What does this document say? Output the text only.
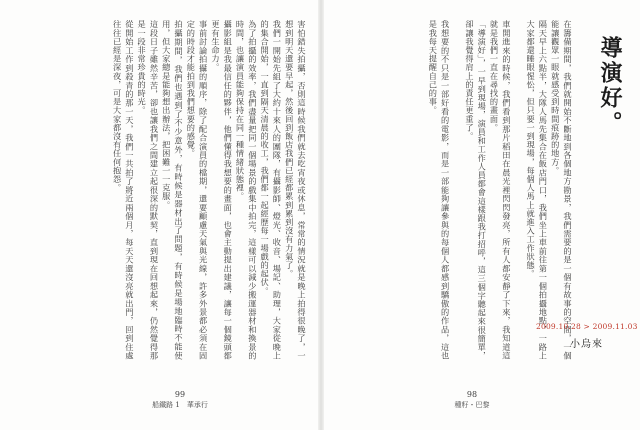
害怕錯失拍攝，否則這時候我們就去吃宵夜或休息，常常的情況就是晚上拍得很晚了，一想到明天還要早起，然後回到飯店我們已經都累到累到沒有力氣了。

我們一開始先組了大約十來人的團隊，有攝影師、燈光、收音、場記、助理，大家從晚上的集合開始，一直到隔天清晨的收工，我們都一起經歷每一場戲的起伏。

為了拍攝的效率，我們盡量把同一個場景的戲集中拍完，這樣可以減少搬運器材和換景的時間，也讓演員能夠保持在同一種情緒狀態裡。

攝影組是我最信任的夥伴，他們懂得我想要的畫面，也會主動提出建議，讓每一個鏡頭都更有生命力。

事前討論拍攝的順序，除了配合演員的檔期，還要顧慮天氣與光線，許多外景都必須在固定的時段才能拍到我們想要的感覺。

拍攝期間，我們也遇到了不少意外，有時候是器材出了問題，有時候是場地臨時不能使用，但大家總是能夠想出辦法，把困難一一克服。

這段日子雖然辛苦，卻也讓我們之間建立起很深的默契，直到現在回想起來，仍然覺得那是一段非常珍貴的時光。

從開始工作到殺青的那一天，我們一共拍了將近兩個月，每天天還沒亮就出門，回到住處往往已經是深夜，可是大家都沒有任何抱怨。	在籌備期間，我們就開始不斷地到各個地方勘景，我們需要的是一個有故事的空間，一個能讓觀眾一眼就感受到時間痕跡的地方。

隔天早上六點半，大隊人馬先集合在飯店門口，我們坐上車前往第一個拍攝地點，一路上大家都還睡眼惺忪，但只要一到現場，每個人馬上就進入工作狀態。

車開進來的時候，我們看到那片稻田在晨光裡閃閃發亮，所有人都安靜了下來，我知道這就是我們一直在尋找的畫面。

「導演好」，一早到現場，演員和工作人員都會這樣跟我打招呼，這三個字聽起來很簡單，卻讓我覺得肩上的責任更重了。

我想要的不只是一部好看的電影，而是一部能夠讓參與的每個人都感到驕傲的作品，這也是我每天提醒自己的事。	導演好。
2009.10.28 > 2009.11.03
小烏來
99
船鐵路 1　華承行
98
種籽・巴黎
